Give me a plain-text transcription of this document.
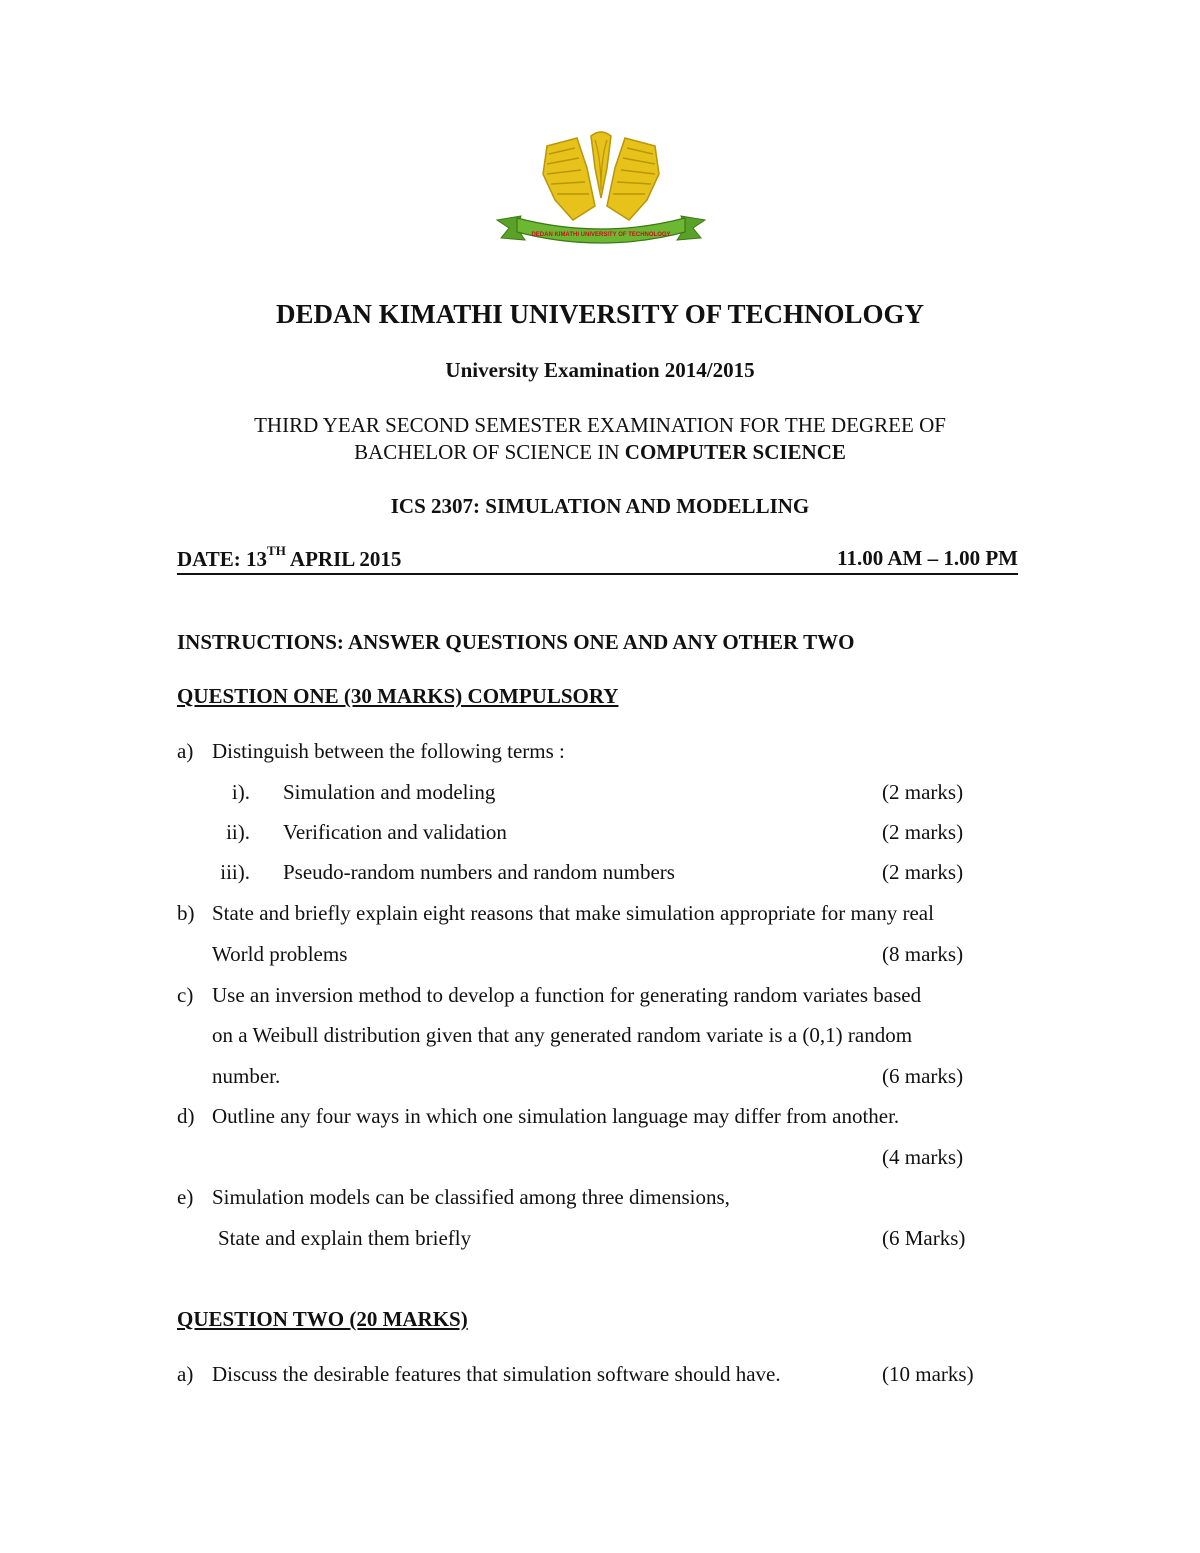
DEDAN KIMATHI UNIVERSITY OF TECHNOLOGY
DEDAN KIMATHI UNIVERSITY OF TECHNOLOGY
University Examination 2014/2015
THIRD YEAR SECOND SEMESTER EXAMINATION FOR THE DEGREE OF
BACHELOR OF SCIENCE IN COMPUTER SCIENCE
ICS 2307: SIMULATION AND MODELLING
DATE: 13TH APRIL 2015	11.00 AM – 1.00 PM
INSTRUCTIONS: ANSWER QUESTIONS ONE AND ANY OTHER TWO
QUESTION ONE (30 MARKS) COMPULSORY
a) Distinguish between the following terms :
i). Simulation and modeling	(2 marks)
ii). Verification and validation	(2 marks)
iii). Pseudo-random numbers and random numbers	(2 marks)
b) State and briefly explain eight reasons that make simulation appropriate for many real
World problems	(8 marks)
c) Use an inversion method to develop a function for generating random variates based
on a Weibull distribution given that any generated random variate is a (0,1) random
number.	(6 marks)
d) Outline any four ways in which one simulation language may differ from another.
(4 marks)
e) Simulation models can be classified among three dimensions,
State and explain them briefly	(6 Marks)
QUESTION TWO (20 MARKS)
a) Discuss the desirable features that simulation software should have.	(10 marks)
